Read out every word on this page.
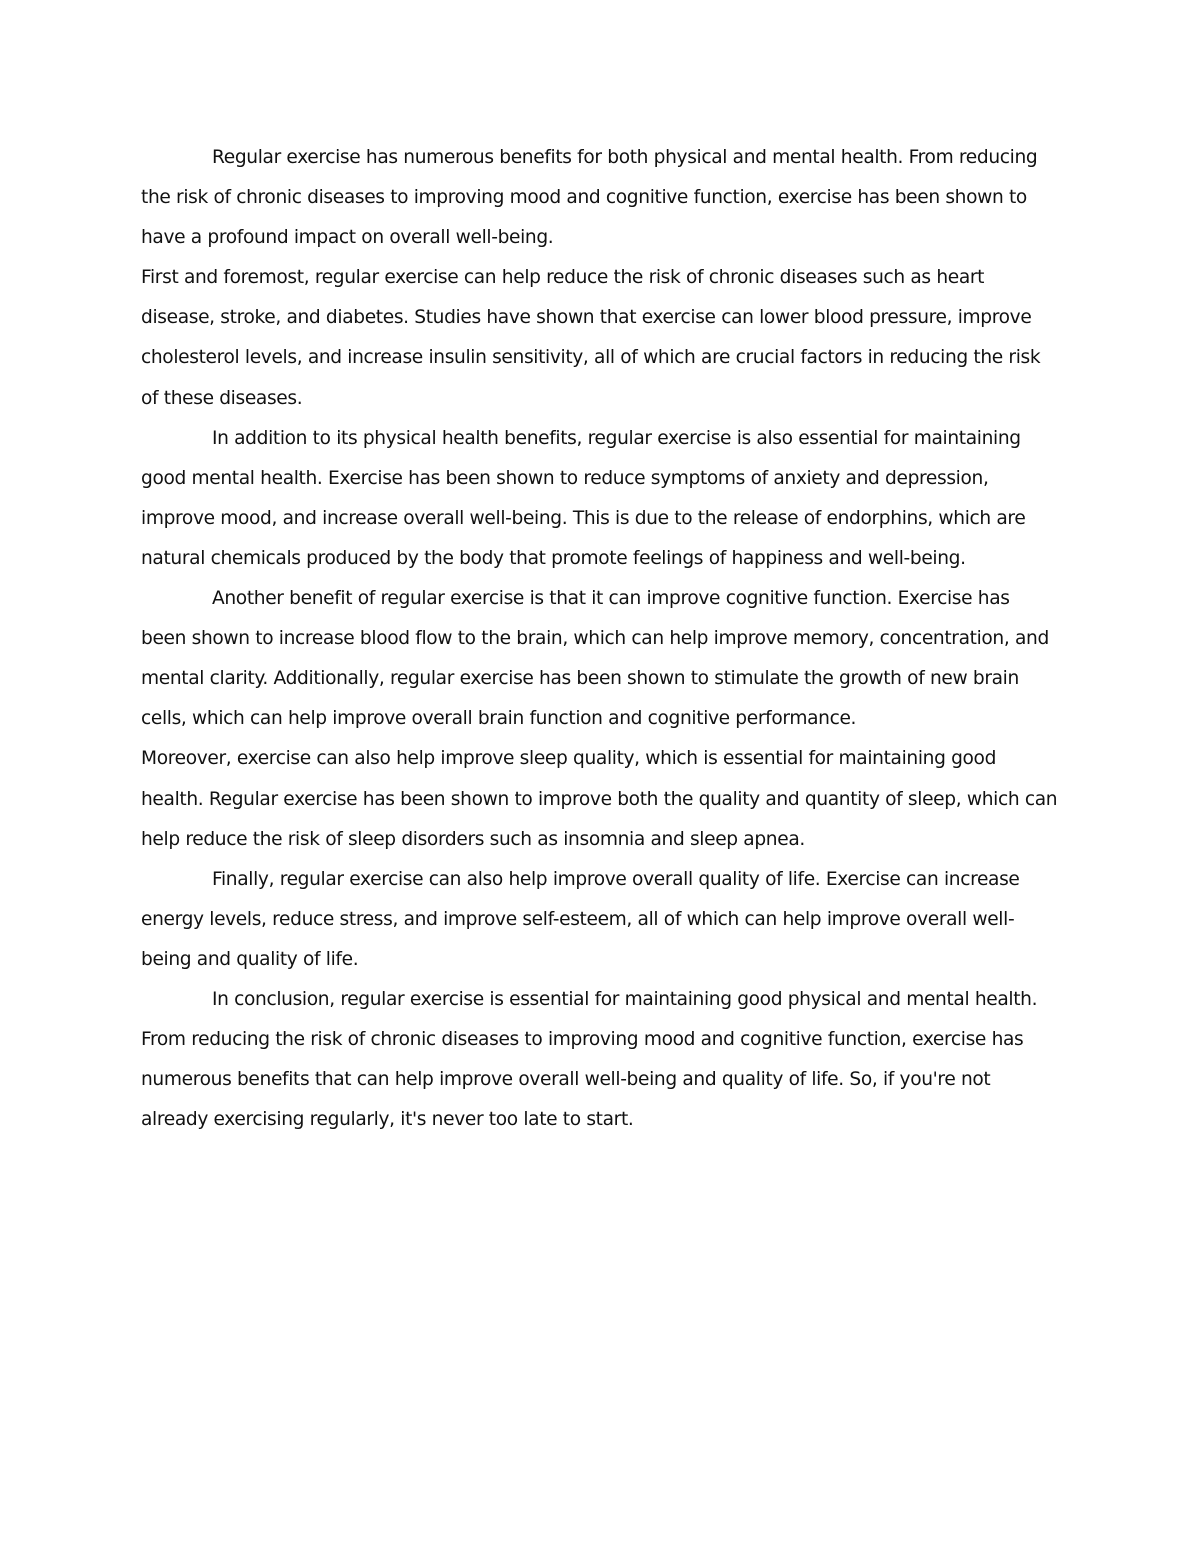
Regular exercise has numerous benefits for both physical and mental health. From reducing the risk of chronic diseases to improving mood and cognitive function, exercise has been shown to have a profound impact on overall well-being.

First and foremost, regular exercise can help reduce the risk of chronic diseases such as heart disease, stroke, and diabetes. Studies have shown that exercise can lower blood pressure, improve cholesterol levels, and increase insulin sensitivity, all of which are crucial factors in reducing the risk of these diseases.

In addition to its physical health benefits, regular exercise is also essential for maintaining good mental health. Exercise has been shown to reduce symptoms of anxiety and depression, improve mood, and increase overall well-being. This is due to the release of endorphins, which are natural chemicals produced by the body that promote feelings of happiness and well-being.

Another benefit of regular exercise is that it can improve cognitive function. Exercise has been shown to increase blood flow to the brain, which can help improve memory, concentration, and mental clarity. Additionally, regular exercise has been shown to stimulate the growth of new brain cells, which can help improve overall brain function and cognitive performance.

Moreover, exercise can also help improve sleep quality, which is essential for maintaining good health. Regular exercise has been shown to improve both the quality and quantity of sleep, which can help reduce the risk of sleep disorders such as insomnia and sleep apnea.

Finally, regular exercise can also help improve overall quality of life. Exercise can increase energy levels, reduce stress, and improve self-esteem, all of which can help improve overall well-being and quality of life.

In conclusion, regular exercise is essential for maintaining good physical and mental health. From reducing the risk of chronic diseases to improving mood and cognitive function, exercise has numerous benefits that can help improve overall well-being and quality of life. So, if you're not already exercising regularly, it's never too late to start.
